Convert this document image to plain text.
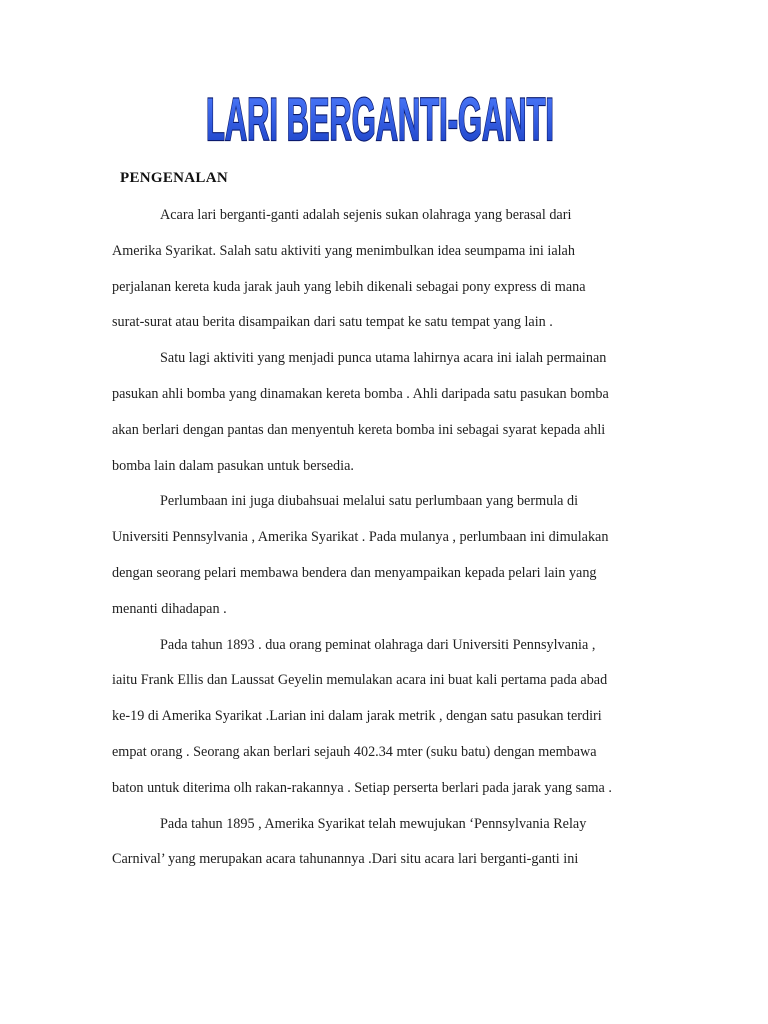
LARI BERGANTI-GANTI
PENGENALAN
Acara lari berganti-ganti adalah sejenis sukan olahraga yang berasal dari
Amerika Syarikat. Salah satu aktiviti yang menimbulkan idea seumpama ini ialah
perjalanan kereta kuda jarak jauh yang lebih dikenali sebagai pony express di mana
surat-surat atau berita disampaikan dari satu tempat ke satu tempat yang lain .
Satu lagi aktiviti yang menjadi punca utama lahirnya acara ini ialah permainan
pasukan ahli bomba yang dinamakan kereta bomba . Ahli daripada satu pasukan bomba
akan berlari dengan pantas dan menyentuh kereta bomba ini sebagai syarat kepada ahli
bomba lain dalam pasukan untuk bersedia.
Perlumbaan ini juga diubahsuai melalui satu perlumbaan yang bermula di
Universiti Pennsylvania , Amerika Syarikat . Pada mulanya , perlumbaan ini dimulakan
dengan seorang pelari membawa bendera dan menyampaikan kepada pelari lain yang
menanti dihadapan .
Pada tahun 1893 . dua orang peminat olahraga dari Universiti Pennsylvania ,
iaitu Frank Ellis dan Laussat Geyelin memulakan acara ini buat kali pertama pada abad
ke-19 di Amerika Syarikat .Larian ini dalam jarak metrik , dengan satu pasukan terdiri
empat orang . Seorang akan berlari sejauh 402.34 mter (suku batu) dengan membawa
baton untuk diterima olh rakan-rakannya . Setiap perserta berlari pada jarak yang sama .
Pada tahun 1895 , Amerika Syarikat telah mewujukan ‘Pennsylvania Relay
Carnival’ yang merupakan acara tahunannya .Dari situ acara lari berganti-ganti ini
